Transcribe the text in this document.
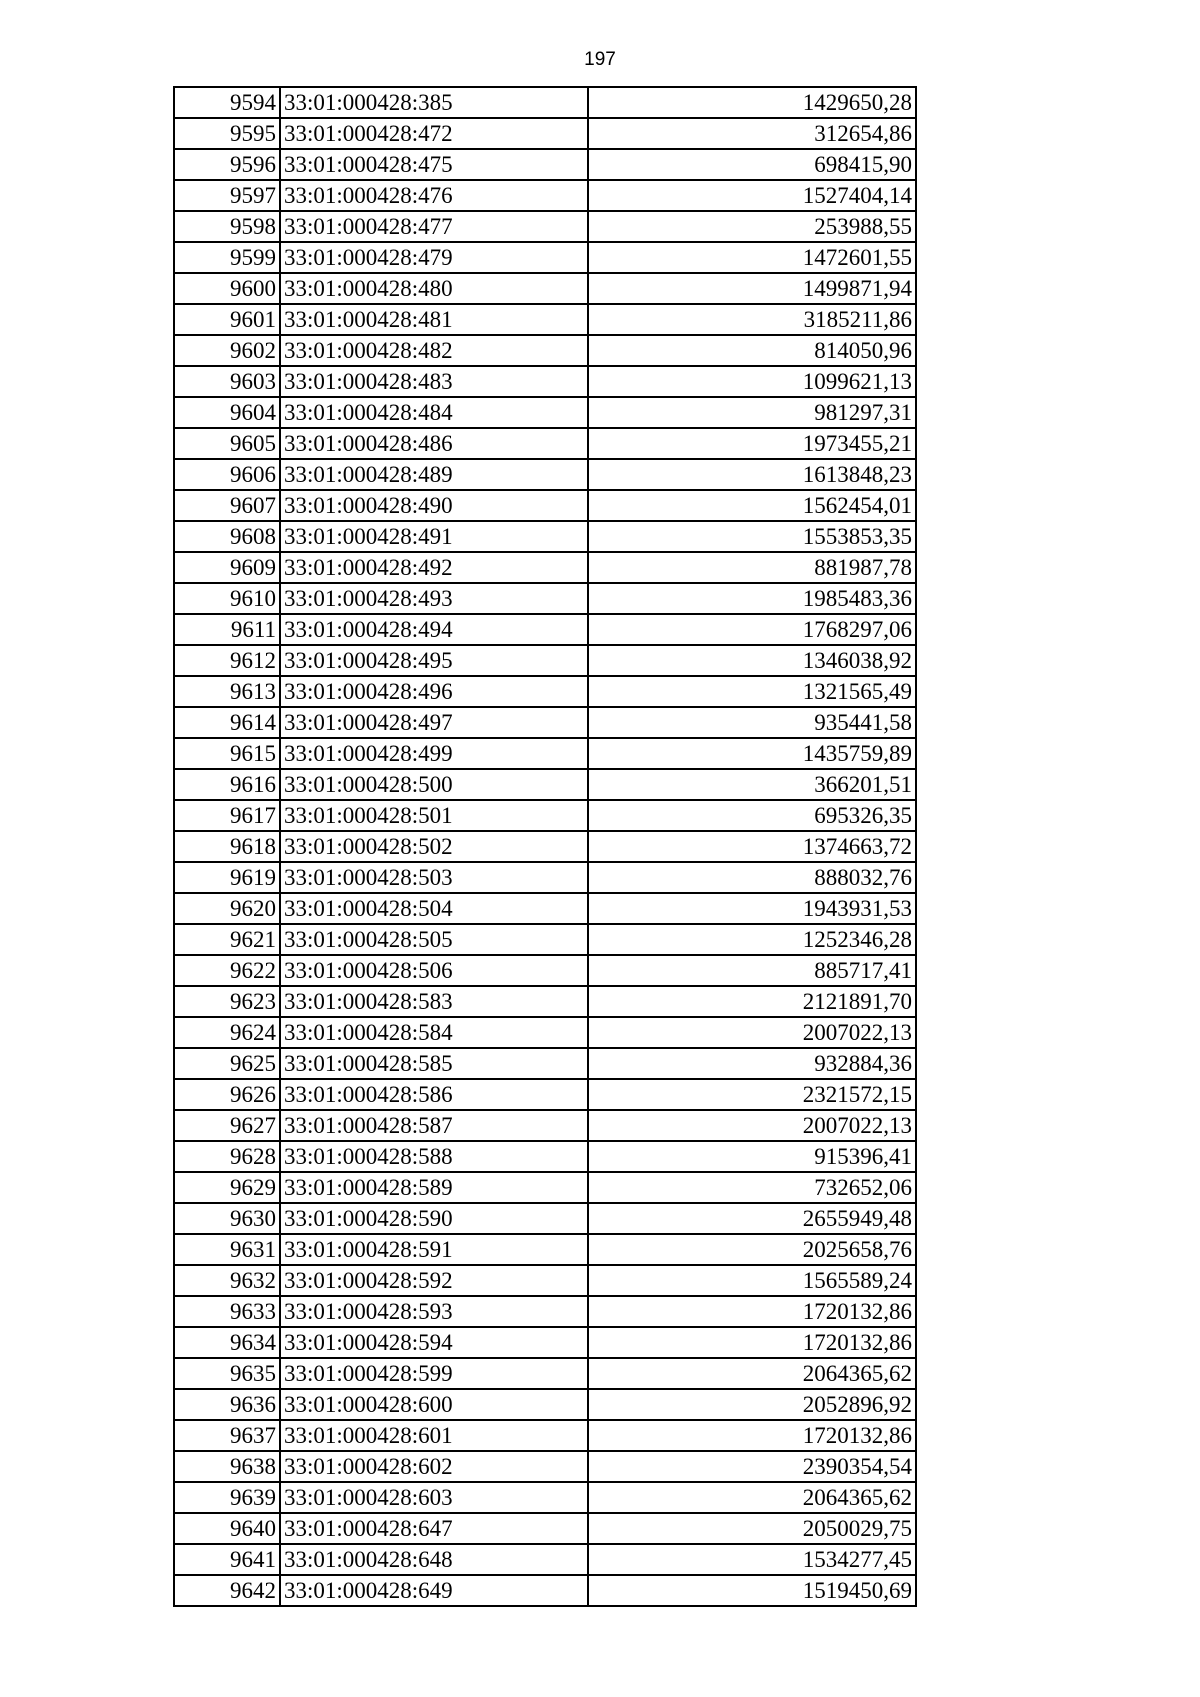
197
9594	33:01:000428:385	1429650,28
9595	33:01:000428:472	312654,86
9596	33:01:000428:475	698415,90
9597	33:01:000428:476	1527404,14
9598	33:01:000428:477	253988,55
9599	33:01:000428:479	1472601,55
9600	33:01:000428:480	1499871,94
9601	33:01:000428:481	3185211,86
9602	33:01:000428:482	814050,96
9603	33:01:000428:483	1099621,13
9604	33:01:000428:484	981297,31
9605	33:01:000428:486	1973455,21
9606	33:01:000428:489	1613848,23
9607	33:01:000428:490	1562454,01
9608	33:01:000428:491	1553853,35
9609	33:01:000428:492	881987,78
9610	33:01:000428:493	1985483,36
9611	33:01:000428:494	1768297,06
9612	33:01:000428:495	1346038,92
9613	33:01:000428:496	1321565,49
9614	33:01:000428:497	935441,58
9615	33:01:000428:499	1435759,89
9616	33:01:000428:500	366201,51
9617	33:01:000428:501	695326,35
9618	33:01:000428:502	1374663,72
9619	33:01:000428:503	888032,76
9620	33:01:000428:504	1943931,53
9621	33:01:000428:505	1252346,28
9622	33:01:000428:506	885717,41
9623	33:01:000428:583	2121891,70
9624	33:01:000428:584	2007022,13
9625	33:01:000428:585	932884,36
9626	33:01:000428:586	2321572,15
9627	33:01:000428:587	2007022,13
9628	33:01:000428:588	915396,41
9629	33:01:000428:589	732652,06
9630	33:01:000428:590	2655949,48
9631	33:01:000428:591	2025658,76
9632	33:01:000428:592	1565589,24
9633	33:01:000428:593	1720132,86
9634	33:01:000428:594	1720132,86
9635	33:01:000428:599	2064365,62
9636	33:01:000428:600	2052896,92
9637	33:01:000428:601	1720132,86
9638	33:01:000428:602	2390354,54
9639	33:01:000428:603	2064365,62
9640	33:01:000428:647	2050029,75
9641	33:01:000428:648	1534277,45
9642	33:01:000428:649	1519450,69
